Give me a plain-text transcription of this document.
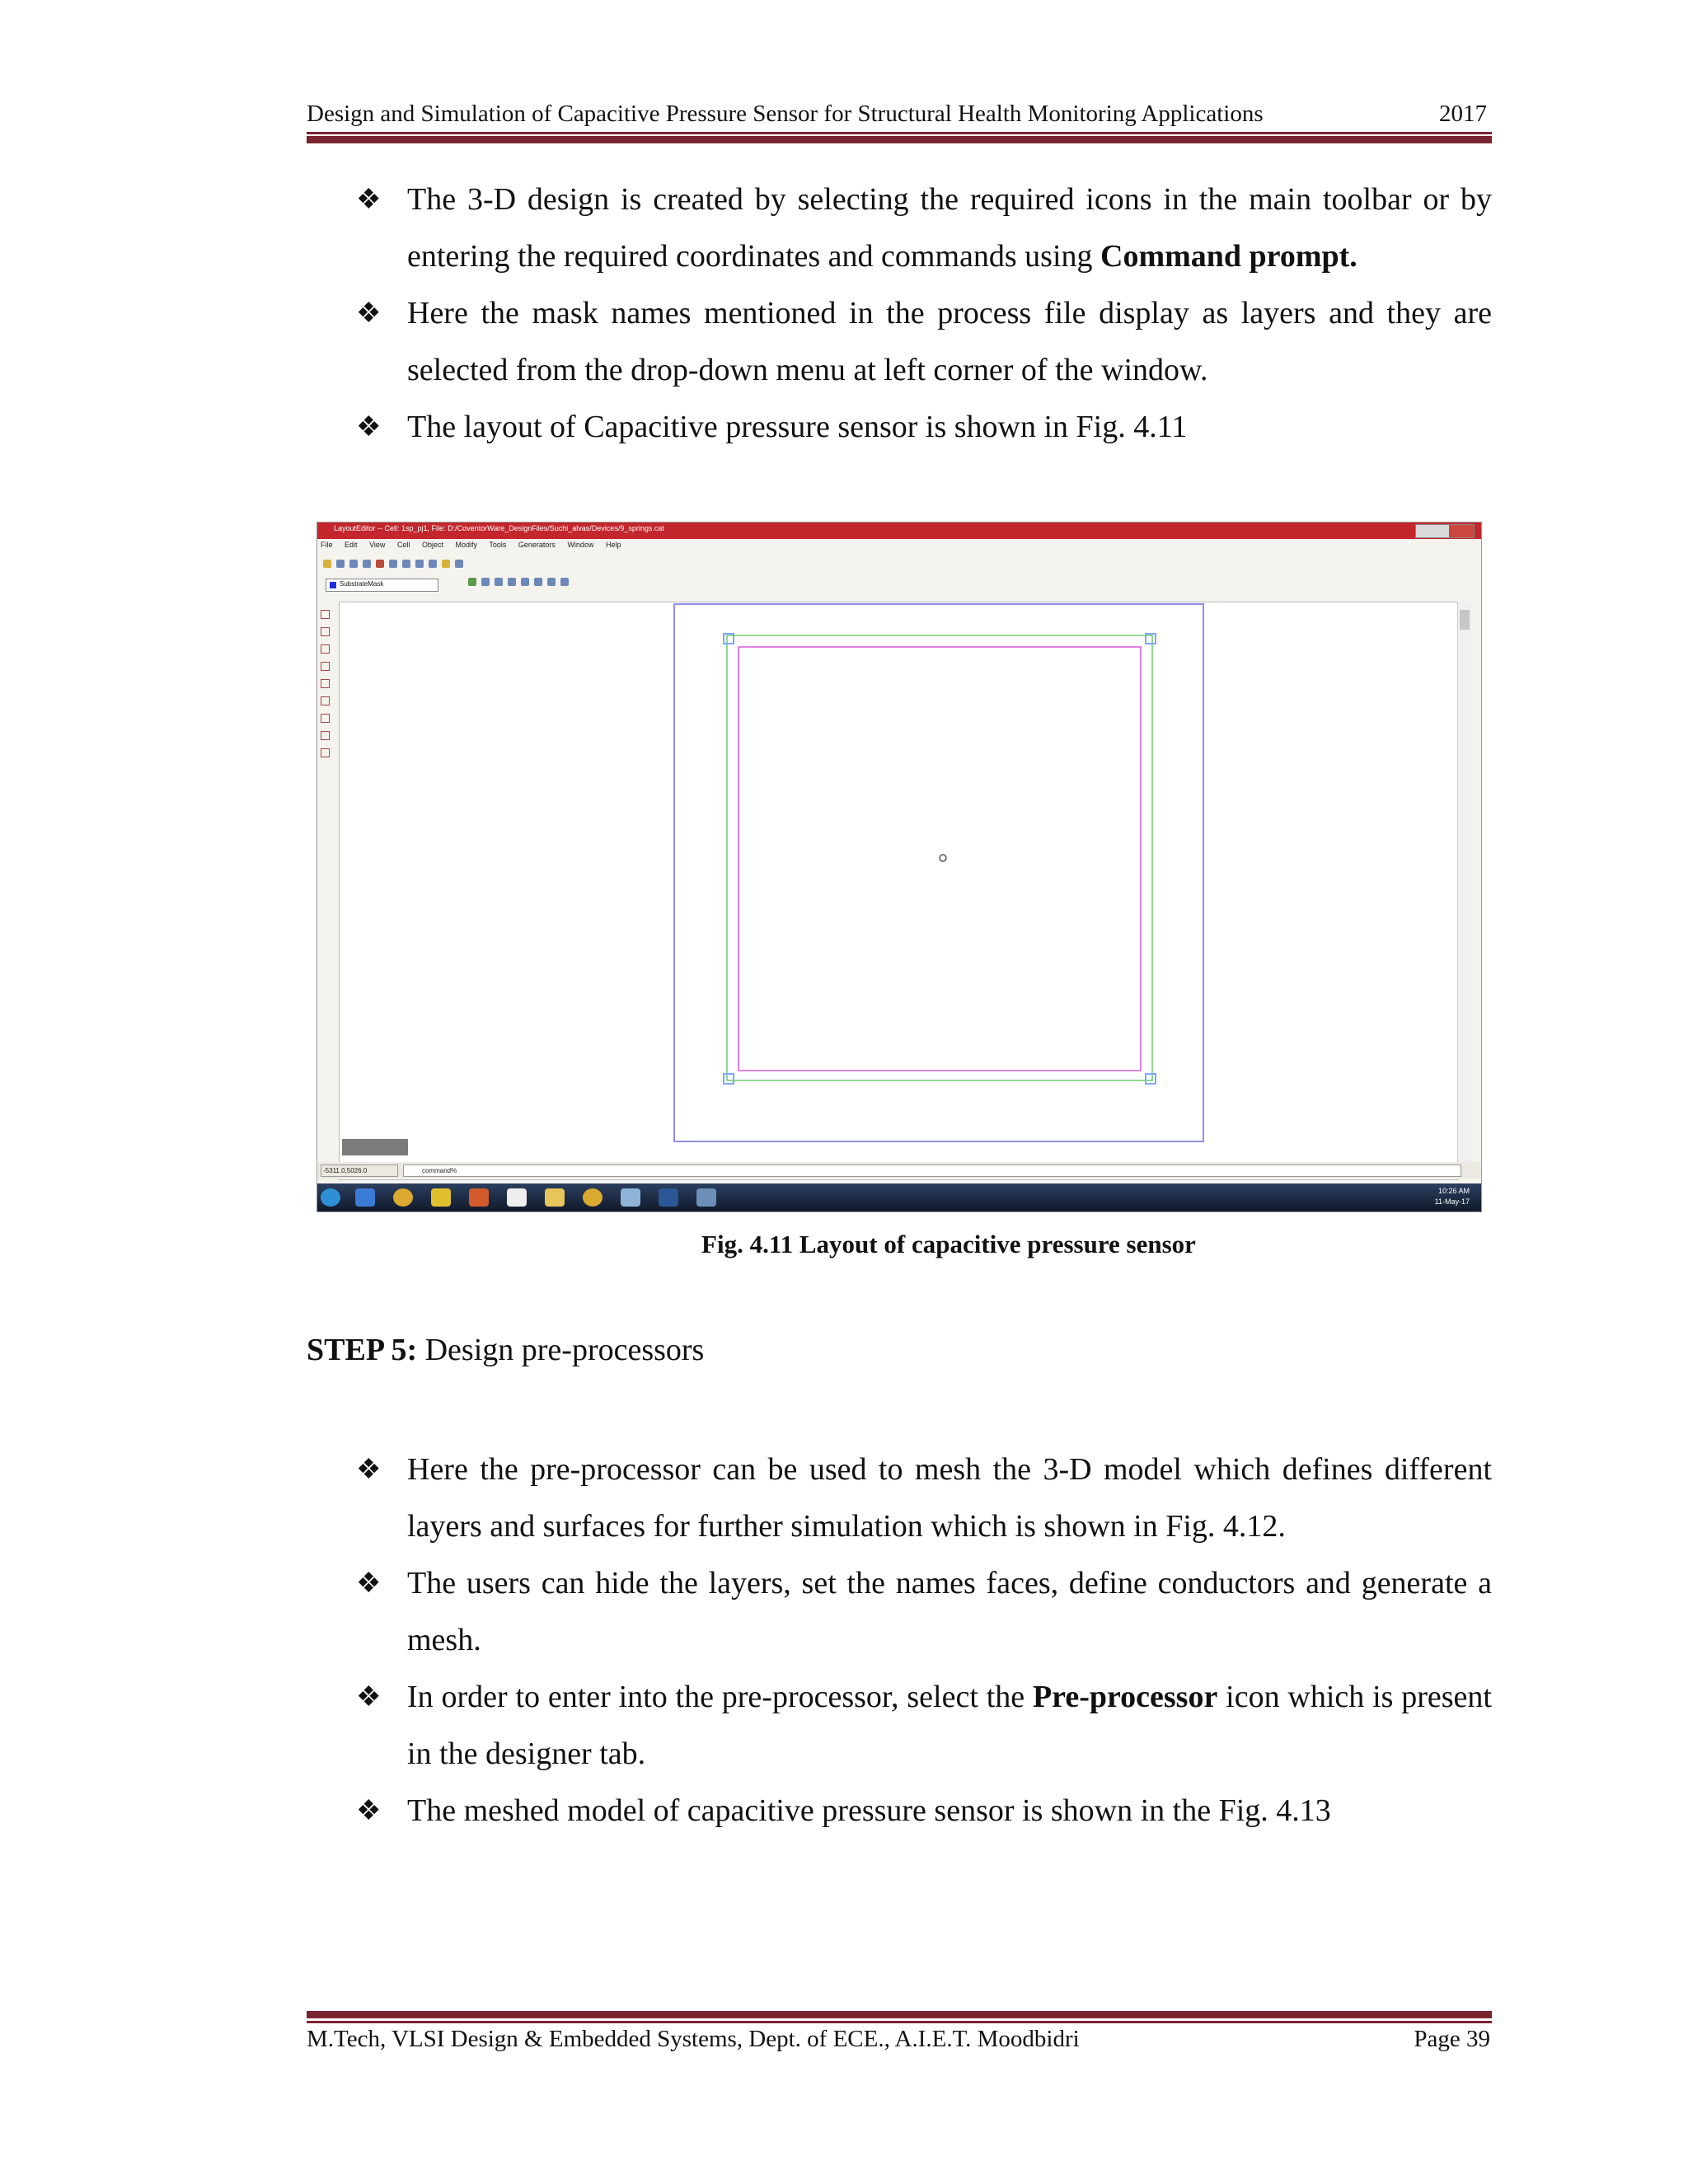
Design and Simulation of Capacitive Pressure Sensor for Structural Health Monitoring Applications	2017
❖ The 3-D design is created by selecting the required icons in the main toolbar or by entering the required coordinates and commands using Command prompt.
❖ Here the mask names mentioned in the process file display as layers and they are selected from the drop-down menu at left corner of the window.
❖ The layout of Capacitive pressure sensor is shown in Fig. 4.11
LayoutEditor -- Cell: 1sp_pj1, File: D:/CoventorWare_DesignFiles/Suchi_alvas/Devices/9_springs.cat
File Edit View Cell Object Modify Tools Generators Window Help
SubstrateMask
-5311.0,5026.0	command%
10:26 AM
11-May-17
Fig. 4.11 Layout of capacitive pressure sensor
STEP 5: Design pre-processors
❖ Here the pre-processor can be used to mesh the 3-D model which defines different layers and surfaces for further simulation which is shown in Fig. 4.12.
❖ The users can hide the layers, set the names faces, define conductors and generate a mesh.
❖ In order to enter into the pre-processor, select the Pre-processor icon which is present in the designer tab.
❖ The meshed model of capacitive pressure sensor is shown in the Fig. 4.13
M.Tech, VLSI Design & Embedded Systems, Dept. of ECE., A.I.E.T. Moodbidri	Page 39
